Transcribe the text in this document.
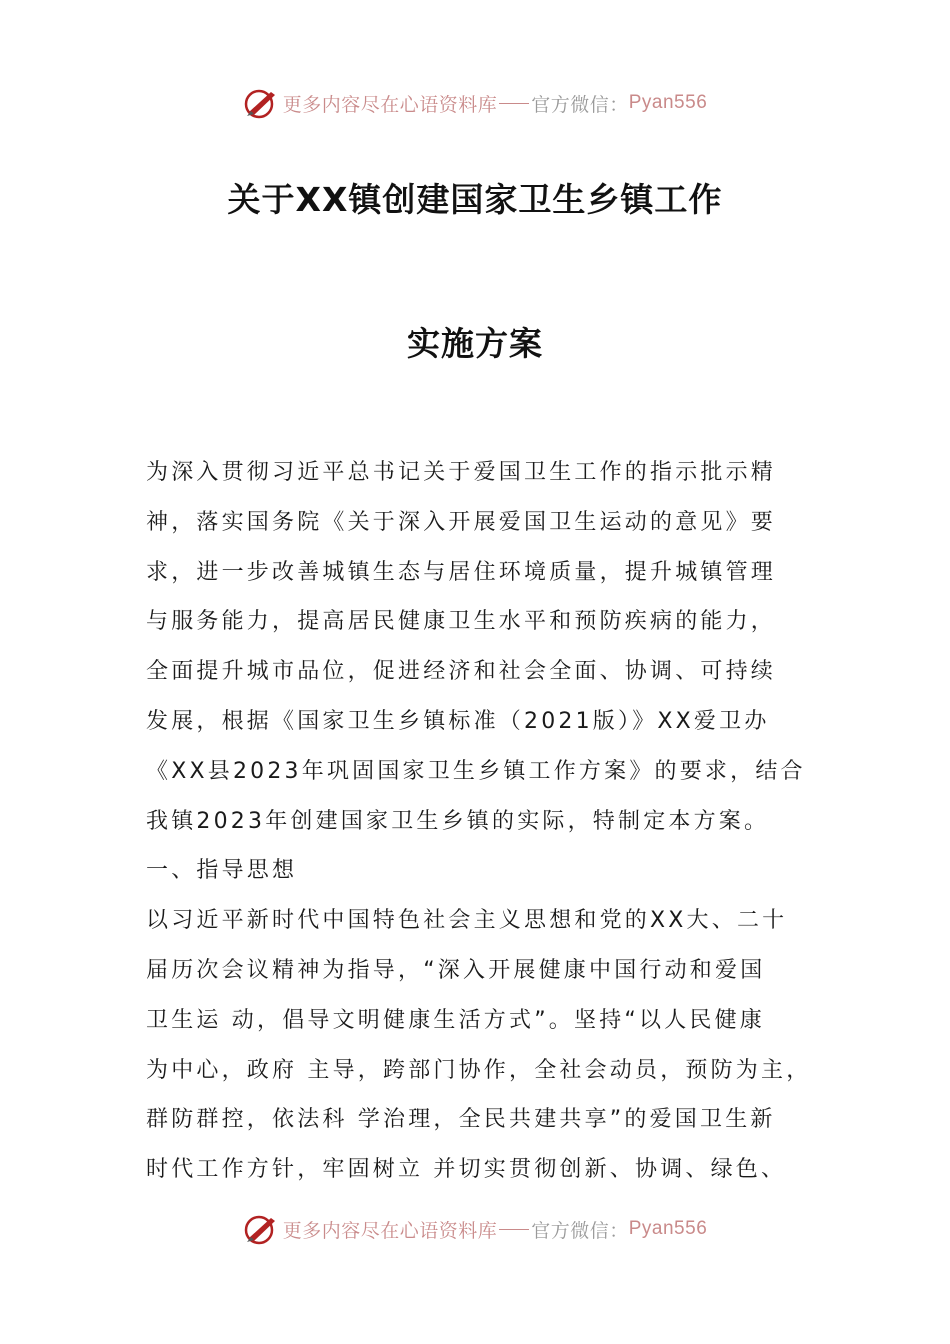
更多内容尽在心语资料库 官方微信： Pyan556
关于XX镇创建国家卫生乡镇工作
实施方案
为深入贯彻习近平总书记关于爱国卫生工作的指示批示精
神，落实国务院《关于深入开展爱国卫生运动的意见》要
求，进一步改善城镇生态与居住环境质量，提升城镇管理
与服务能力，提高居民健康卫生水平和预防疾病的能力，
全面提升城市品位，促进经济和社会全面、协调、可持续
发展，根据《国家卫生乡镇标准（2021版）》XX爱卫办
《XX县2023年巩固国家卫生乡镇工作方案》的要求，结合
我镇2023年创建国家卫生乡镇的实际，特制定本方案。
一、指导思想
以习近平新时代中国特色社会主义思想和党的XX大、二十
届历次会议精神为指导，“深入开展健康中国行动和爱国
卫生运 动，倡导文明健康生活方式”。坚持“以人民健康
为中心，政府 主导，跨部门协作，全社会动员，预防为主，
群防群控，依法科 学治理，全民共建共享”的爱国卫生新
时代工作方针，牢固树立 并切实贯彻创新、协调、绿色、
更多内容尽在心语资料库 官方微信： Pyan556
